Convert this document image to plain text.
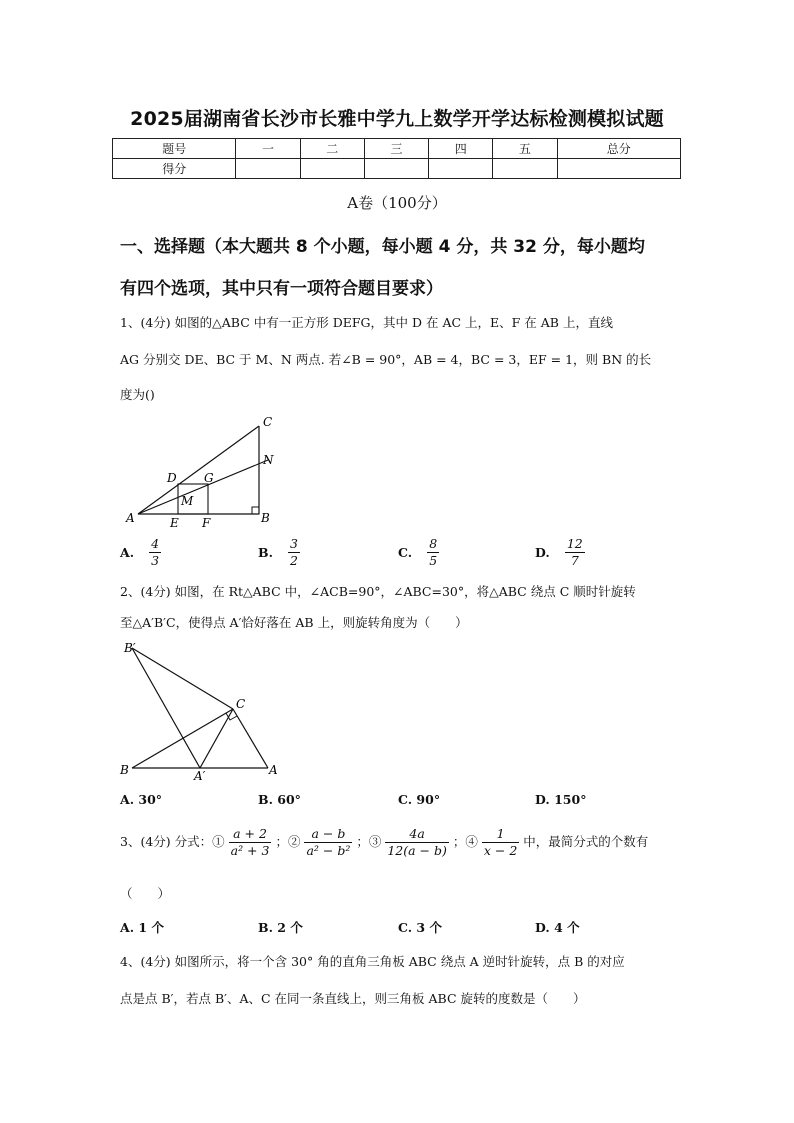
2025届湖南省长沙市长雅中学九上数学开学达标检测模拟试题
题号	一	二	三	四	五	总分
得分						
A卷（100分）
一、选择题（本大题共 8 个小题，每小题 4 分，共 32 分，每小题均
有四个选项，其中只有一项符合题目要求）
1、(4分) 如图的△ABC 中有一正方形 DEFG，其中 D 在 AC 上，E、F 在 AB 上，直线
AG 分别交 DE、BC 于 M、N 两点. 若∠B = 90°，AB = 4，BC = 3，EF = 1，则 BN 的长
度为()
A	B
C
D
E F
G
M
N
A. $\frac{4}{3}$	B. $\frac{3}{2}$	C. $\frac{8}{5}$	D. $\frac{12}{7}$
2、(4分) 如图，在 Rt△ABC 中，∠ACB=90°，∠ABC=30°，将△ABC 绕点 C 顺时针旋转
至△A′B′C，使得点 A′恰好落在 AB 上，则旋转角度为（　　）
B′
C
B	A′	A
A. 30°	B. 60°	C. 90°	D. 150°
3、(4分) 分式：① $\frac{a + 2}{\text{a² + 3}}$ ；② $\frac{a - b}{\text{a² − b²}}$ ；③ $\frac{4a}{12(a - b)}$ ；④ $\frac{1}{x - 2}$ 中，最简分式的个数有
（　　）
A. 1 个	B. 2 个	C. 3 个	D. 4 个
4、(4分) 如图所示，将一个含 30° 角的直角三角板 ABC 绕点 A 逆时针旋转，点 B 的对应
点是点 B′，若点 B′、A、C 在同一条直线上，则三角板 ABC 旋转的度数是（　　）
